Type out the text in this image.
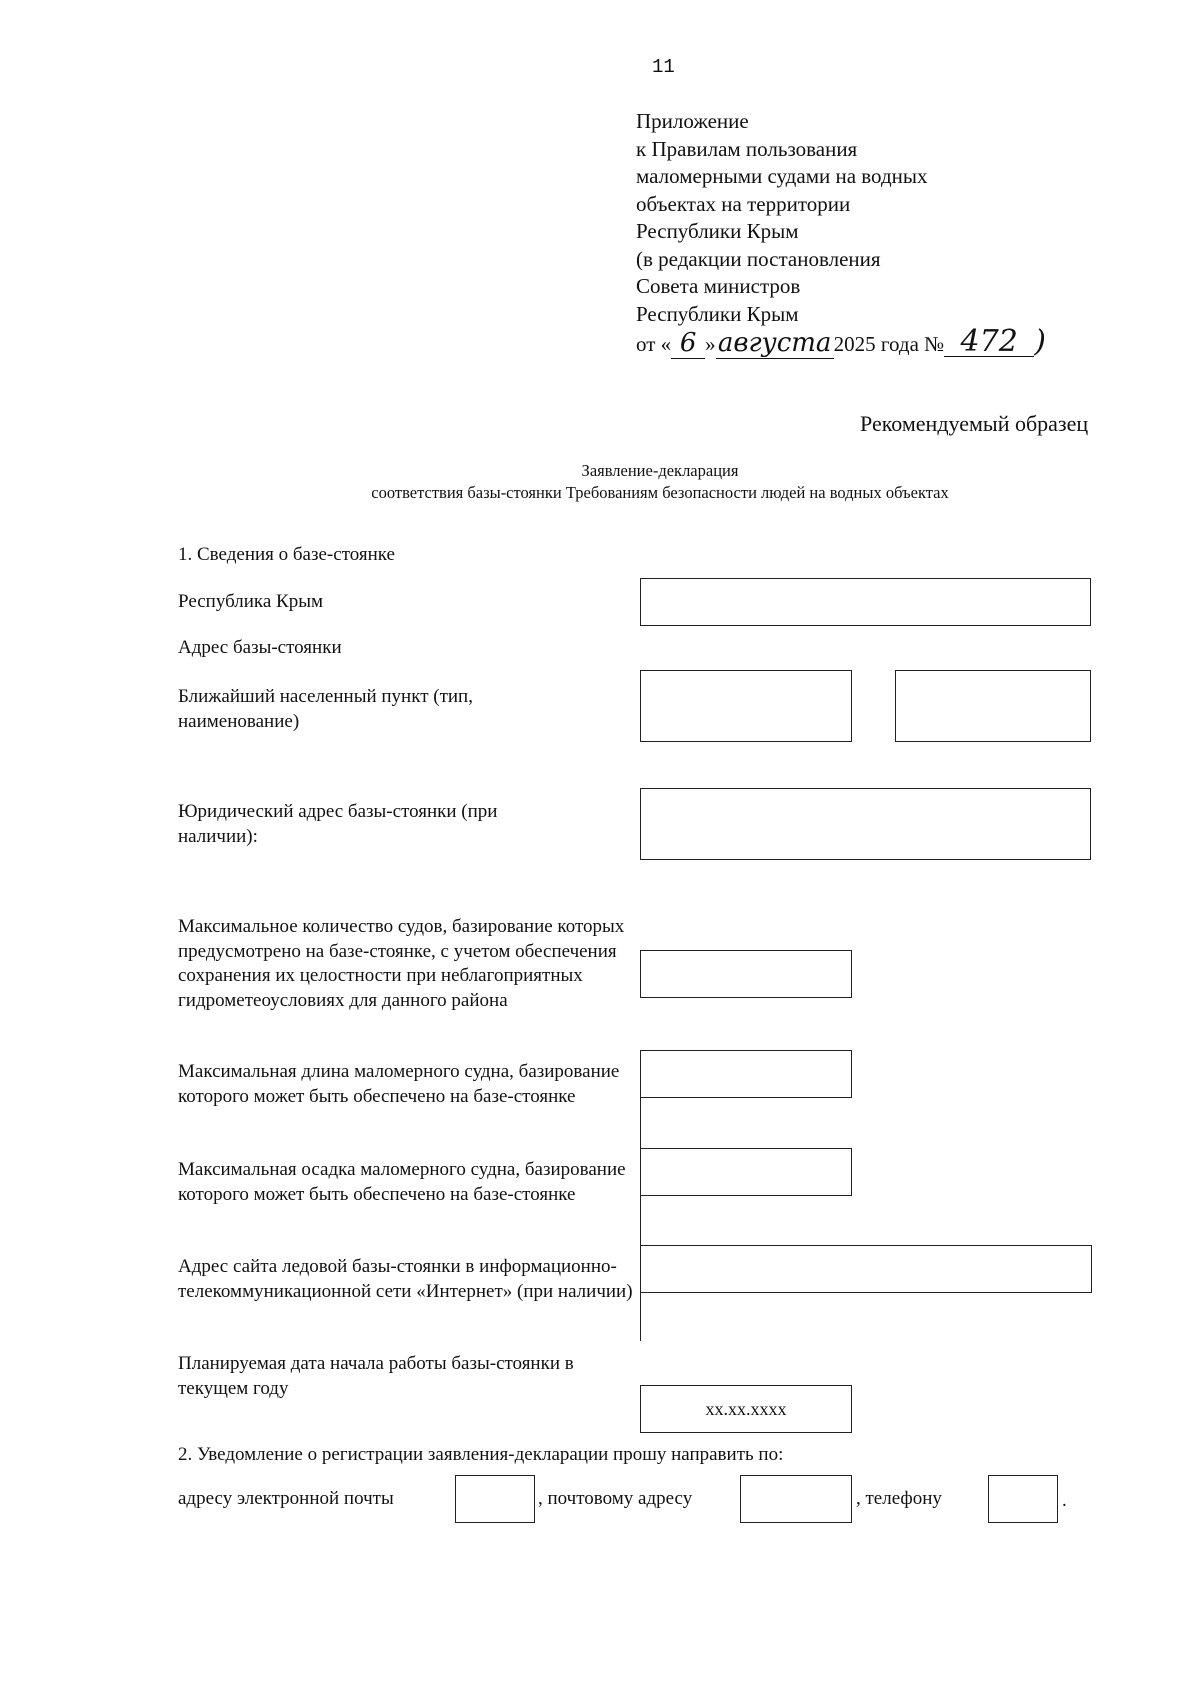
11
Приложение
к Правилам пользования
маломерными судами на водных
объектах на территории
Республики Крым
(в редакции постановления
Совета министров
Республики Крым
от « 6 »августа 2025 года № 472 )
Рекомендуемый образец
Заявление-декларация
соответствия базы-стоянки Требованиям безопасности людей на водных объектах
1. Сведения о базе-стоянке
Республика Крым
Адрес базы-стоянки
Ближайший населенный пункт (тип, наименование)
Юридический адрес базы-стоянки (при наличии):
Максимальное количество судов, базирование которых предусмотрено на базе-стоянке, с учетом обеспечения сохранения их целостности при неблагоприятных гидрометеоусловиях для данного района
Максимальная длина маломерного судна, базирование которого может быть обеспечено на базе-стоянке
Максимальная осадка маломерного судна, базирование которого может быть обеспечено на базе-стоянке
Адрес сайта ледовой базы-стоянки в информационно-телекоммуникационной сети «Интернет» (при наличии)
Планируемая дата начала работы базы-стоянки в текущем году
xx.xx.xxxx
2. Уведомление о регистрации заявления-декларации прошу направить по:
адресу электронной почты	, почтовому адресу	, телефону	.
